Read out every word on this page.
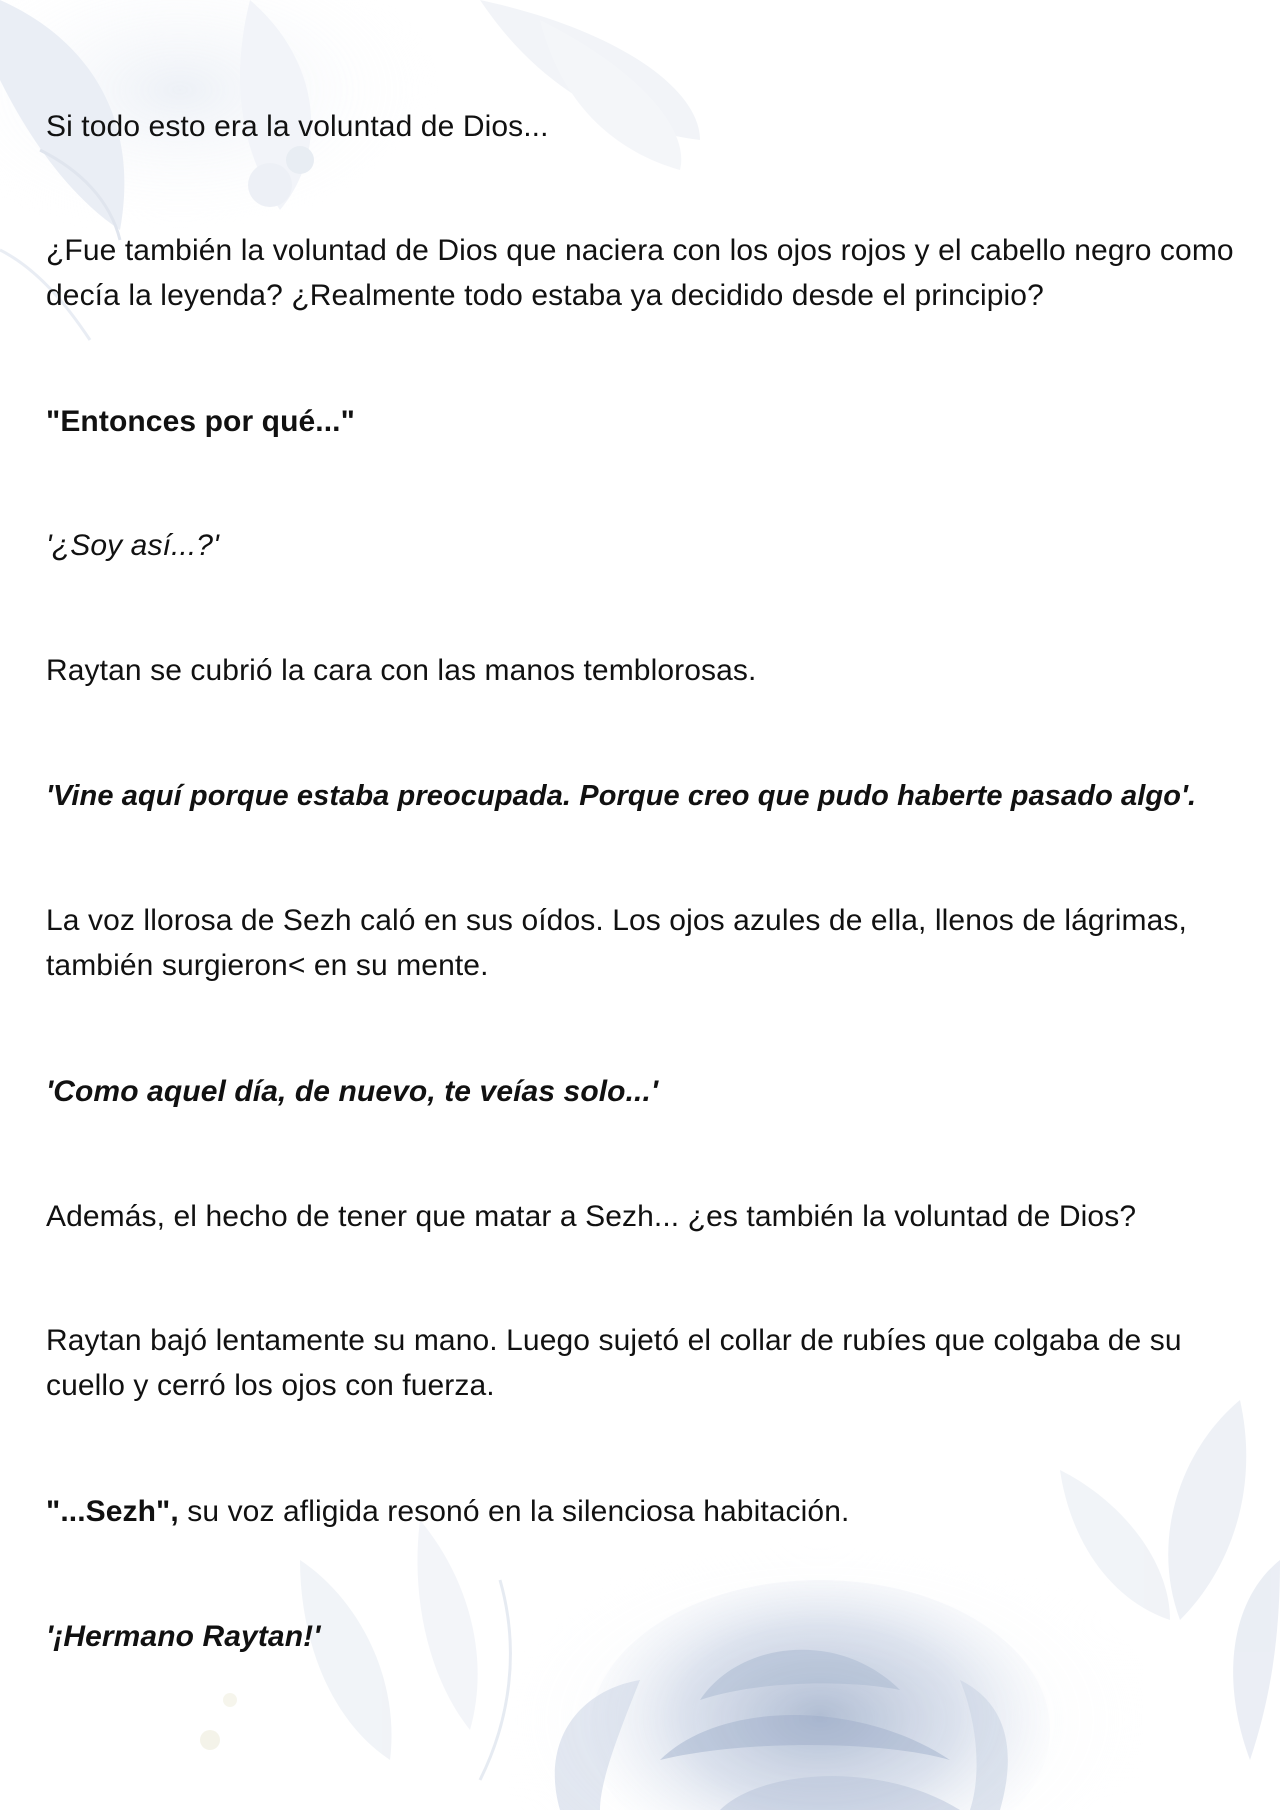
Si todo esto era la voluntad de Dios...

¿Fue también la voluntad de Dios que naciera con los ojos rojos y el cabello negro como decía la leyenda? ¿Realmente todo estaba ya decidido desde el principio?

"Entonces por qué..."

'¿Soy así...?'

Raytan se cubrió la cara con las manos temblorosas.

'Vine aquí porque estaba preocupada. Porque creo que pudo haberte pasado algo'.

La voz llorosa de Sezh caló en sus oídos. Los ojos azules de ella, llenos de lágrimas, también surgieron< en su mente.

'Como aquel día, de nuevo, te veías solo...'

Además, el hecho de tener que matar a Sezh... ¿es también la voluntad de Dios?

Raytan bajó lentamente su mano. Luego sujetó el collar de rubíes que colgaba de su cuello y cerró los ojos con fuerza.

"...Sezh", su voz afligida resonó en la silenciosa habitación.

'¡Hermano Raytan!'
